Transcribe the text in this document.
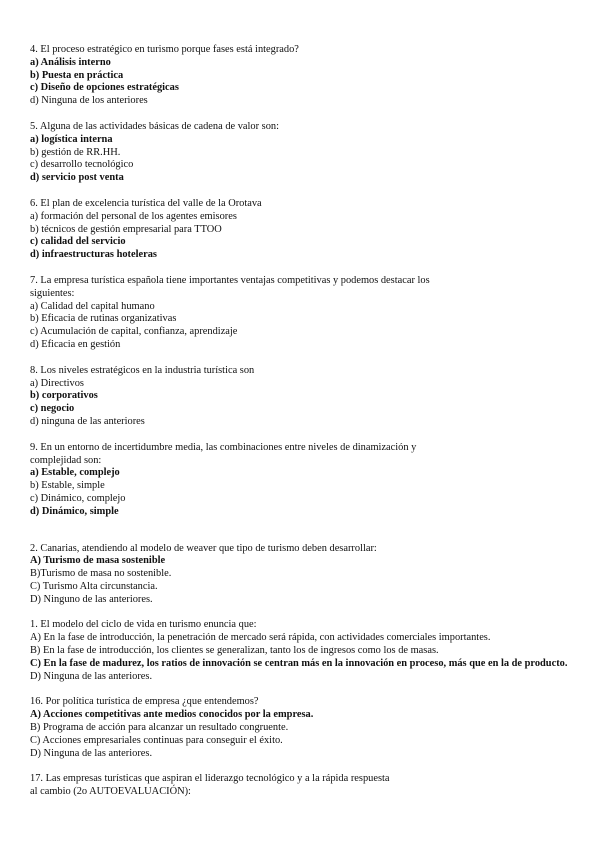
4. El proceso estratégico en turismo porque fases está integrado?

a) Análisis interno

b) Puesta en práctica

c) Diseño de opciones estratégicas

d) Ninguna de los anteriores

5. Alguna de las actividades básicas de cadena de valor son:

a) logística interna

b) gestión de RR.HH.

c) desarrollo tecnológico

d) servicio post venta

6. El plan de excelencia turística del valle de la Orotava

a) formación del personal de los agentes emisores

b) técnicos de gestión empresarial para TTOO

c) calidad del servicio

d) infraestructuras hoteleras

7. La empresa turística española tiene importantes ventajas competitivas y podemos destacar los

siguientes:

a) Calidad del capital humano

b) Eficacia de rutinas organizativas

c) Acumulación de capital, confianza, aprendizaje

d) Eficacia en gestión

8. Los niveles estratégicos en la industria turística son

a) Directivos

b) corporativos

c) negocio

d) ninguna de las anteriores

9. En un entorno de incertidumbre media, las combinaciones entre niveles de dinamización y

complejidad son:

a) Estable, complejo

b) Estable, simple

c) Dinámico, complejo

d) Dinámico, simple

2. Canarias, atendiendo al modelo de weaver que tipo de turismo deben desarrollar:

A) Turismo de masa sostenible

B)Turismo de masa no sostenible.

C) Turismo Alta circunstancia.

D) Ninguno de las anteriores.

1. El modelo del ciclo de vida en turismo enuncia que:

A) En la fase de introducción, la penetración de mercado será rápida, con actividades comerciales importantes.

B) En la fase de introducción, los clientes se generalizan, tanto los de ingresos como los de masas.

C) En la fase de madurez, los ratios de innovación se centran más en la innovación en proceso, más que en la de producto.

D) Ninguna de las anteriores.

16. Por política turística de empresa ¿que entendemos?

A) Acciones competitivas ante medios conocidos por la empresa.

B) Programa de acción para alcanzar un resultado congruente.

C) Acciones empresariales continuas para conseguir el éxito.

D) Ninguna de las anteriores.

17. Las empresas turísticas que aspiran el liderazgo tecnológico y a la rápida respuesta

al cambio (2o AUTOEVALUACIÓN):
